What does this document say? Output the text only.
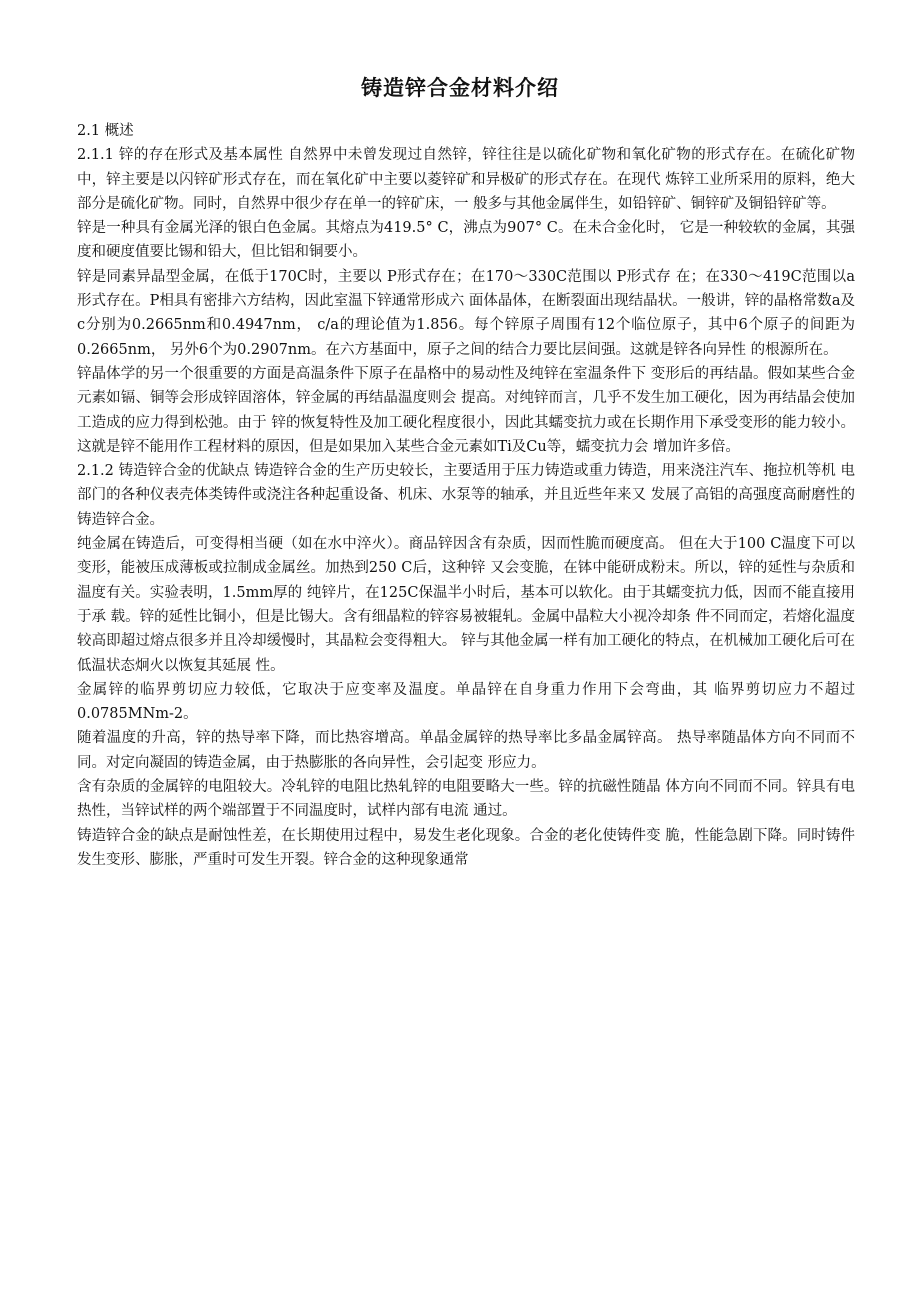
铸造锌合金材料介绍

2.1 概述

2.1.1 锌的存在形式及基本属性 自然界中未曾发现过自然锌，锌往往是以硫化矿物和氧化矿物的形式存在。在硫化矿物 中，锌主要是以闪锌矿形式存在，而在氧化矿中主要以菱锌矿和异极矿的形式存在。在现代 炼锌工业所采用的原料，绝大部分是硫化矿物。同时，自然界中很少存在单一的锌矿床，一 般多与其他金属伴生，如铅锌矿、铜锌矿及铜铅锌矿等。

锌是一种具有金属光泽的银白色金属。其熔点为419.5° C，沸点为907° C。在未合金化时， 它是一种较软的金属，其强度和硬度值要比锡和铅大，但比铝和铜要小。

锌是同素异晶型金属，在低于170C时，主要以 P形式存在；在170～330C范围以 P形式存 在；在330～419C范围以a形式存在。P相具有密排六方结构，因此室温下锌通常形成六 面体晶体，在断裂面出现结晶状。一般讲，锌的晶格常数a及c分别为0.2665nm和0.4947nm， c/a的理论值为1.856。每个锌原子周围有12个临位原子，其中6个原子的间距为0.2665nm， 另外6个为0.2907nm。在六方基面中，原子之间的结合力要比层间强。这就是锌各向异性 的根源所在。

锌晶体学的另一个很重要的方面是高温条件下原子在晶格中的易动性及纯锌在室温条件下 变形后的再结晶。假如某些合金元素如镉、铜等会形成锌固溶体，锌金属的再结晶温度则会 提高。对纯锌而言，几乎不发生加工硬化，因为再结晶会使加工造成的应力得到松弛。由于 锌的恢复特性及加工硬化程度很小，因此其蠕变抗力或在长期作用下承受变形的能力较小。 这就是锌不能用作工程材料的原因，但是如果加入某些合金元素如Ti及Cu等，蠕变抗力会 增加许多倍。

2.1.2 铸造锌合金的优缺点 铸造锌合金的生产历史较长，主要适用于压力铸造或重力铸造，用来浇注汽车、拖拉机等机 电部门的各种仪表壳体类铸件或浇注各种起重设备、机床、水泵等的轴承，并且近些年来又 发展了高铝的高强度高耐磨性的铸造锌合金。

纯金属在铸造后，可变得相当硬（如在水中淬火）。商品锌因含有杂质，因而性脆而硬度高。 但在大于100 C温度下可以变形，能被压成薄板或拉制成金属丝。加热到250 C后，这种锌 又会变脆，在钵中能研成粉末。所以，锌的延性与杂质和温度有关。实验表明，1.5mm厚的 纯锌片，在125C保温半小时后，基本可以软化。由于其蠕变抗力低，因而不能直接用于承 载。锌的延性比铜小，但是比锡大。含有细晶粒的锌容易被辊轧。金属中晶粒大小视冷却条 件不同而定，若熔化温度较高即超过熔点很多并且冷却缓慢时，其晶粒会变得粗大。 锌与其他金属一样有加工硬化的特点，在机械加工硬化后可在低温状态炯火以恢复其延展 性。

金属锌的临界剪切应力较低，它取决于应变率及温度。单晶锌在自身重力作用下会弯曲，其 临界剪切应力不超过 0.0785MNm-2。

随着温度的升高，锌的热导率下降，而比热容增高。单晶金属锌的热导率比多晶金属锌高。 热导率随晶体方向不同而不同。对定向凝固的铸造金属，由于热膨胀的各向异性，会引起变 形应力。

含有杂质的金属锌的电阻较大。冷轧锌的电阻比热轧锌的电阻要略大一些。锌的抗磁性随晶 体方向不同而不同。锌具有电热性，当锌试样的两个端部置于不同温度时，试样内部有电流 通过。

铸造锌合金的缺点是耐蚀性差，在长期使用过程中，易发生老化现象。合金的老化使铸件变 脆，性能急剧下降。同时铸件发生变形、膨胀，严重时可发生开裂。锌合金的这种现象通常
